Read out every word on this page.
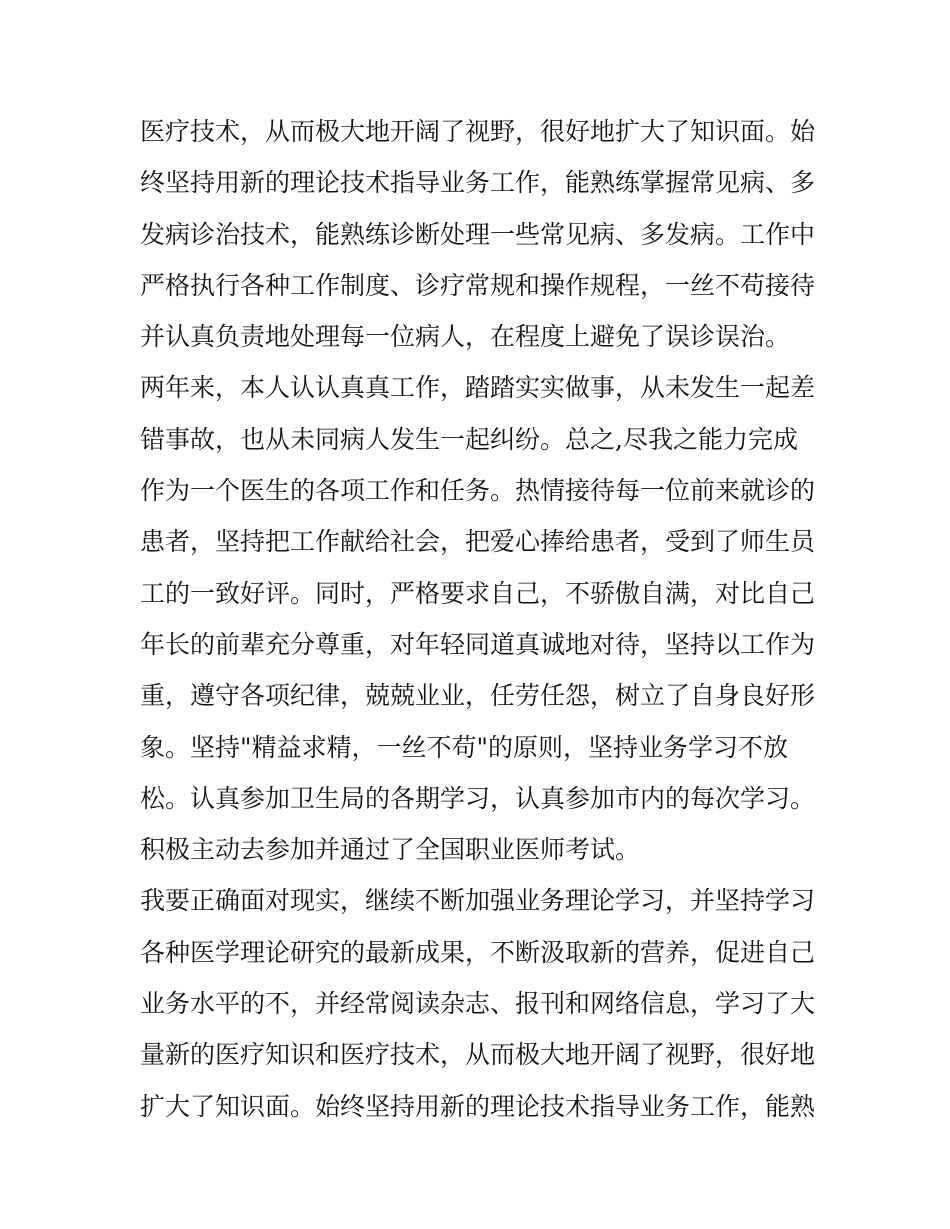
医疗技术，从而极大地开阔了视野，很好地扩大了知识面。始
终坚持用新的理论技术指导业务工作，能熟练掌握常见病、多
发病诊治技术，能熟练诊断处理一些常见病、多发病。工作中
严格执行各种工作制度、诊疗常规和操作规程，一丝不苟接待
并认真负责地处理每一位病人，在程度上避免了误诊误治。
两年来，本人认认真真工作，踏踏实实做事，从未发生一起差
错事故，也从未同病人发生一起纠纷。总之,尽我之能力完成
作为一个医生的各项工作和任务。热情接待每一位前来就诊的
患者，坚持把工作献给社会，把爱心捧给患者，受到了师生员
工的一致好评。同时，严格要求自己，不骄傲自满，对比自己
年长的前辈充分尊重，对年轻同道真诚地对待，坚持以工作为
重，遵守各项纪律，兢兢业业，任劳任怨，树立了自身良好形
象。坚持"精益求精，一丝不苟"的原则，坚持业务学习不放
松。认真参加卫生局的各期学习，认真参加市内的每次学习。
积极主动去参加并通过了全国职业医师考试。
我要正确面对现实，继续不断加强业务理论学习，并坚持学习
各种医学理论研究的最新成果，不断汲取新的营养，促进自己
业务水平的不，并经常阅读杂志、报刊和网络信息，学习了大
量新的医疗知识和医疗技术，从而极大地开阔了视野，很好地
扩大了知识面。始终坚持用新的理论技术指导业务工作，能熟
